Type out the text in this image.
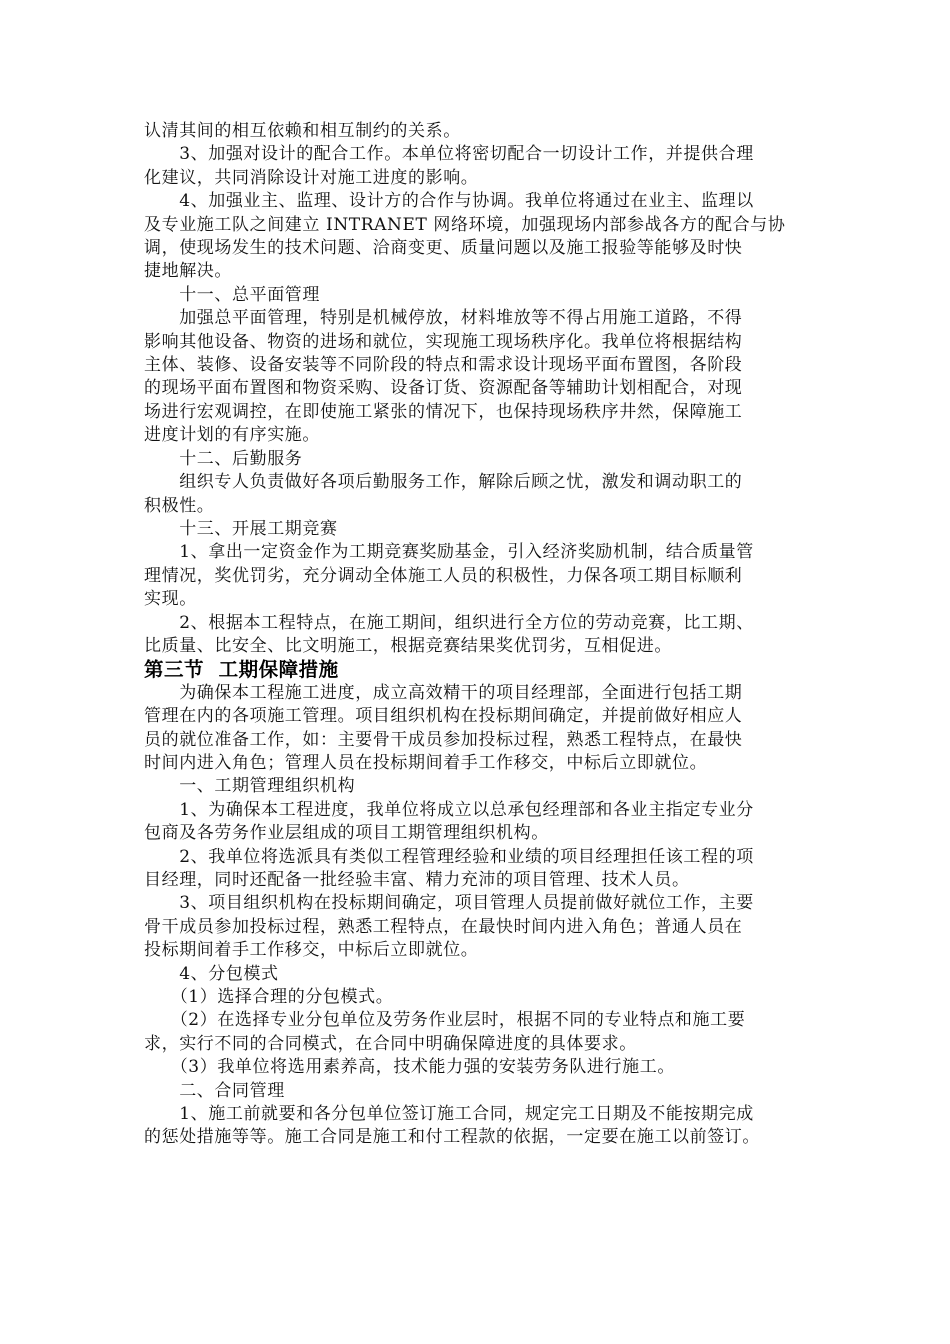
认清其间的相互依赖和相互制约的关系。
　　3、加强对设计的配合工作。本单位将密切配合一切设计工作，并提供合理
化建议，共同消除设计对施工进度的影响。
　　4、加强业主、监理、设计方的合作与协调。我单位将通过在业主、监理以
及专业施工队之间建立 INTRANET 网络环境，加强现场内部参战各方的配合与协
调，使现场发生的技术问题、洽商变更、质量问题以及施工报验等能够及时快
捷地解决。
　　十一、总平面管理
　　加强总平面管理，特别是机械停放，材料堆放等不得占用施工道路，不得
影响其他设备、物资的进场和就位，实现施工现场秩序化。我单位将根据结构
主体、装修、设备安装等不同阶段的特点和需求设计现场平面布置图，各阶段
的现场平面布置图和物资采购、设备订货、资源配备等辅助计划相配合，对现
场进行宏观调控，在即使施工紧张的情况下，也保持现场秩序井然，保障施工
进度计划的有序实施。
　　十二、后勤服务
　　组织专人负责做好各项后勤服务工作，解除后顾之忧，激发和调动职工的
积极性。
　　十三、开展工期竞赛
　　1、拿出一定资金作为工期竞赛奖励基金，引入经济奖励机制，结合质量管
理情况，奖优罚劣，充分调动全体施工人员的积极性，力保各项工期目标顺利
实现。
　　2、根据本工程特点，在施工期间，组织进行全方位的劳动竞赛，比工期、
比质量、比安全、比文明施工，根据竞赛结果奖优罚劣，互相促进。
第三节  工期保障措施
　　为确保本工程施工进度，成立高效精干的项目经理部，全面进行包括工期
管理在内的各项施工管理。项目组织机构在投标期间确定，并提前做好相应人
员的就位准备工作，如：主要骨干成员参加投标过程，熟悉工程特点，在最快
时间内进入角色；管理人员在投标期间着手工作移交，中标后立即就位。
　　一、工期管理组织机构
　　1、为确保本工程进度，我单位将成立以总承包经理部和各业主指定专业分
包商及各劳务作业层组成的项目工期管理组织机构。
　　2、我单位将选派具有类似工程管理经验和业绩的项目经理担任该工程的项
目经理，同时还配备一批经验丰富、精力充沛的项目管理、技术人员。
　　3、项目组织机构在投标期间确定，项目管理人员提前做好就位工作，主要
骨干成员参加投标过程，熟悉工程特点，在最快时间内进入角色；普通人员在
投标期间着手工作移交，中标后立即就位。
　　4、分包模式
　　（1）选择合理的分包模式。
　　（2）在选择专业分包单位及劳务作业层时，根据不同的专业特点和施工要
求，实行不同的合同模式，在合同中明确保障进度的具体要求。
　　（3）我单位将选用素养高，技术能力强的安装劳务队进行施工。
　　二、合同管理
　　1、施工前就要和各分包单位签订施工合同，规定完工日期及不能按期完成
的惩处措施等等。施工合同是施工和付工程款的依据，一定要在施工以前签订。
